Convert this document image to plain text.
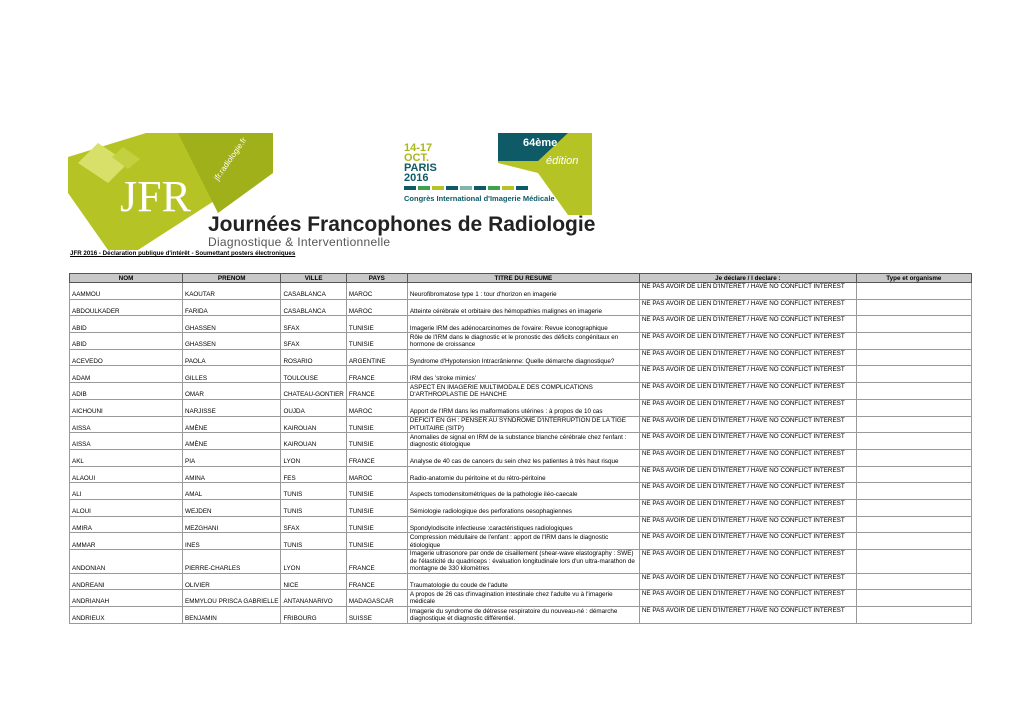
JFR
jfr.radiologie.fr	14-17
OCT.
PARIS
2016
64ème
édition
Congrès International d'Imagerie Médicale
Journées Francophones de Radiologie
Diagnostique & Interventionnelle
JFR 2016 - Déclaration publique d'intérêt - Soumettant posters électroniques
NOM	PRENOM	VILLE	PAYS	TITRE DU RESUME	Je déclare / I declare :	Type et organisme
AAMMOU	KAOUTAR	CASABLANCA	MAROC	Neurofibromatose type 1 : tour d'horizon en imagerie	NE PAS AVOIR DE LIEN D'INTERET / HAVE NO CONFLICT INTEREST	
ABDOULKADER	FARIDA	CASABLANCA	MAROC	Atteinte cérébrale et orbitaire des hémopathies malignes en imagerie	NE PAS AVOIR DE LIEN D'INTERET / HAVE NO CONFLICT INTEREST	
ABID	GHASSEN	SFAX	TUNISIE	Imagerie IRM des adénocarcinomes de l'ovaire: Revue iconographique	NE PAS AVOIR DE LIEN D'INTERET / HAVE NO CONFLICT INTEREST	
ABID	GHASSEN	SFAX	TUNISIE	Rôle de l'IRM dans le diagnostic et le pronostic des déficits congénitaux en hormone de croissance	NE PAS AVOIR DE LIEN D'INTERET / HAVE NO CONFLICT INTEREST	
ACEVEDO	PAOLA	ROSARIO	ARGENTINE	Syndrome d'Hypotension Intracrânienne: Quelle démarche diagnostique?	NE PAS AVOIR DE LIEN D'INTERET / HAVE NO CONFLICT INTEREST	
ADAM	GILLES	TOULOUSE	FRANCE	IRM des 'stroke mimics'	NE PAS AVOIR DE LIEN D'INTERET / HAVE NO CONFLICT INTEREST	
ADIB	OMAR	CHATEAU-GONTIER	FRANCE	ASPECT EN IMAGERIE MULTIMODALE DES COMPLICATIONS D'ARTHROPLASTIE DE HANCHE	NE PAS AVOIR DE LIEN D'INTERET / HAVE NO CONFLICT INTEREST	
AICHOUNI	NARJISSE	OUJDA	MAROC	Apport de l'IRM dans les malformations utérines : à propos de 10 cas	NE PAS AVOIR DE LIEN D'INTERET / HAVE NO CONFLICT INTEREST	
AISSA	AMÈNE	KAIROUAN	TUNISIE	DEFICIT EN GH : PENSER AU SYNDROME D'INTERRUPTION DE LA TIGE PITUITAIRE (SITP)	NE PAS AVOIR DE LIEN D'INTERET / HAVE NO CONFLICT INTEREST	
AISSA	AMÈNE	KAIROUAN	TUNISIE	Anomalies de signal en IRM de la substance blanche cérébrale chez l'enfant : diagnostic étiologique	NE PAS AVOIR DE LIEN D'INTERET / HAVE NO CONFLICT INTEREST	
AKL	PIA	LYON	FRANCE	Analyse de 40 cas de cancers du sein chez les patientes à très haut risque	NE PAS AVOIR DE LIEN D'INTERET / HAVE NO CONFLICT INTEREST	
ALAOUI	AMINA	FES	MAROC	Radio-anatomie du péritoine et du rétro-péritoine	NE PAS AVOIR DE LIEN D'INTERET / HAVE NO CONFLICT INTEREST	
ALI	AMAL	TUNIS	TUNISIE	Aspects tomodensitométriques de la pathologie iléo-caecale	NE PAS AVOIR DE LIEN D'INTERET / HAVE NO CONFLICT INTEREST	
ALOUI	WEJDEN	TUNIS	TUNISIE	Sémiologie radiologique des perforations oesophagiennes	NE PAS AVOIR DE LIEN D'INTERET / HAVE NO CONFLICT INTEREST	
AMIRA	MEZGHANI	SFAX	TUNISIE	Spondylodiscite infectieuse :caractéristiques radiologiques	NE PAS AVOIR DE LIEN D'INTERET / HAVE NO CONFLICT INTEREST	
AMMAR	INES	TUNIS	TUNISIE	Compression médullaire de l'enfant : apport de l'IRM dans le diagnostic étiologique	NE PAS AVOIR DE LIEN D'INTERET / HAVE NO CONFLICT INTEREST	
ANDONIAN	PIERRE-CHARLES	LYON	FRANCE	Imagerie ultrasonore par onde de cisaillement (shear-wave elastography : SWE) de l'élasticité du quadriceps : évaluation longitudinale lors d'un ultra-marathon de montagne de 330 kilomètres	NE PAS AVOIR DE LIEN D'INTERET / HAVE NO CONFLICT INTEREST	
ANDREANI	OLIVIER	NICE	FRANCE	Traumatologie du coude de l'adulte	NE PAS AVOIR DE LIEN D'INTERET / HAVE NO CONFLICT INTEREST	
ANDRIANAH	EMMYLOU PRISCA GABRIELLE	ANTANANARIVO	MADAGASCAR	A propos de 26 cas d'invagination intestinale chez l'adulte vu à l'imagerie médicale	NE PAS AVOIR DE LIEN D'INTERET / HAVE NO CONFLICT INTEREST	
ANDRIEUX	BENJAMIN	FRIBOURG	SUISSE	Imagerie du syndrome de détresse respiratoire du nouveau-né : démarche diagnostique et diagnostic différentiel.	NE PAS AVOIR DE LIEN D'INTERET / HAVE NO CONFLICT INTEREST	
